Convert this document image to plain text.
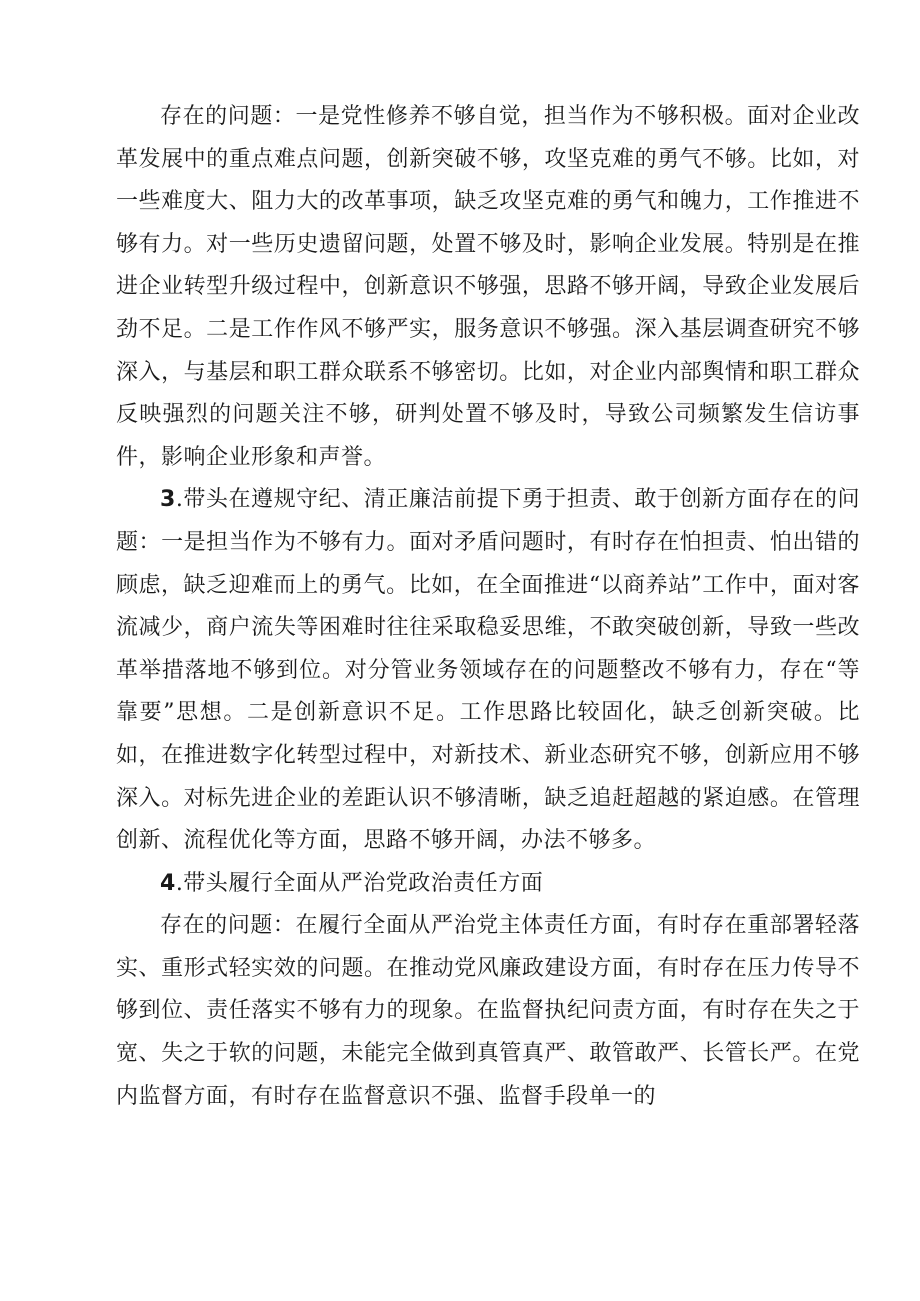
存在的问题：一是党性修养不够自觉，担当作为不够积极。面对企业改革发展中的重点难点问题，创新突破不够，攻坚克难的勇气不够。比如，对一些难度大、阻力大的改革事项，缺乏攻坚克难的勇气和魄力，工作推进不够有力。对一些历史遗留问题，处置不够及时，影响企业发展。特别是在推进企业转型升级过程中，创新意识不够强，思路不够开阔，导致企业发展后劲不足。二是工作作风不够严实，服务意识不够强。深入基层调查研究不够深入，与基层和职工群众联系不够密切。比如，对企业内部舆情和职工群众反映强烈的问题关注不够，研判处置不够及时，导致公司频繁发生信访事件，影响企业形象和声誉。

3.带头在遵规守纪、清正廉洁前提下勇于担责、敢于创新方面存在的问题：一是担当作为不够有力。面对矛盾问题时，有时存在怕担责、怕出错的顾虑，缺乏迎难而上的勇气。比如，在全面推进“以商养站”工作中，面对客流减少，商户流失等困难时往往采取稳妥思维，不敢突破创新，导致一些改革举措落地不够到位。对分管业务领域存在的问题整改不够有力，存在“等靠要”思想。二是创新意识不足。工作思路比较固化，缺乏创新突破。比如，在推进数字化转型过程中，对新技术、新业态研究不够，创新应用不够深入。对标先进企业的差距认识不够清晰，缺乏追赶超越的紧迫感。在管理创新、流程优化等方面，思路不够开阔，办法不够多。

4.带头履行全面从严治党政治责任方面

存在的问题：在履行全面从严治党主体责任方面，有时存在重部署轻落实、重形式轻实效的问题。在推动党风廉政建设方面，有时存在压力传导不够到位、责任落实不够有力的现象。在监督执纪问责方面，有时存在失之于宽、失之于软的问题，未能完全做到真管真严、敢管敢严、长管长严。在党内监督方面，有时存在监督意识不强、监督手段单一的
